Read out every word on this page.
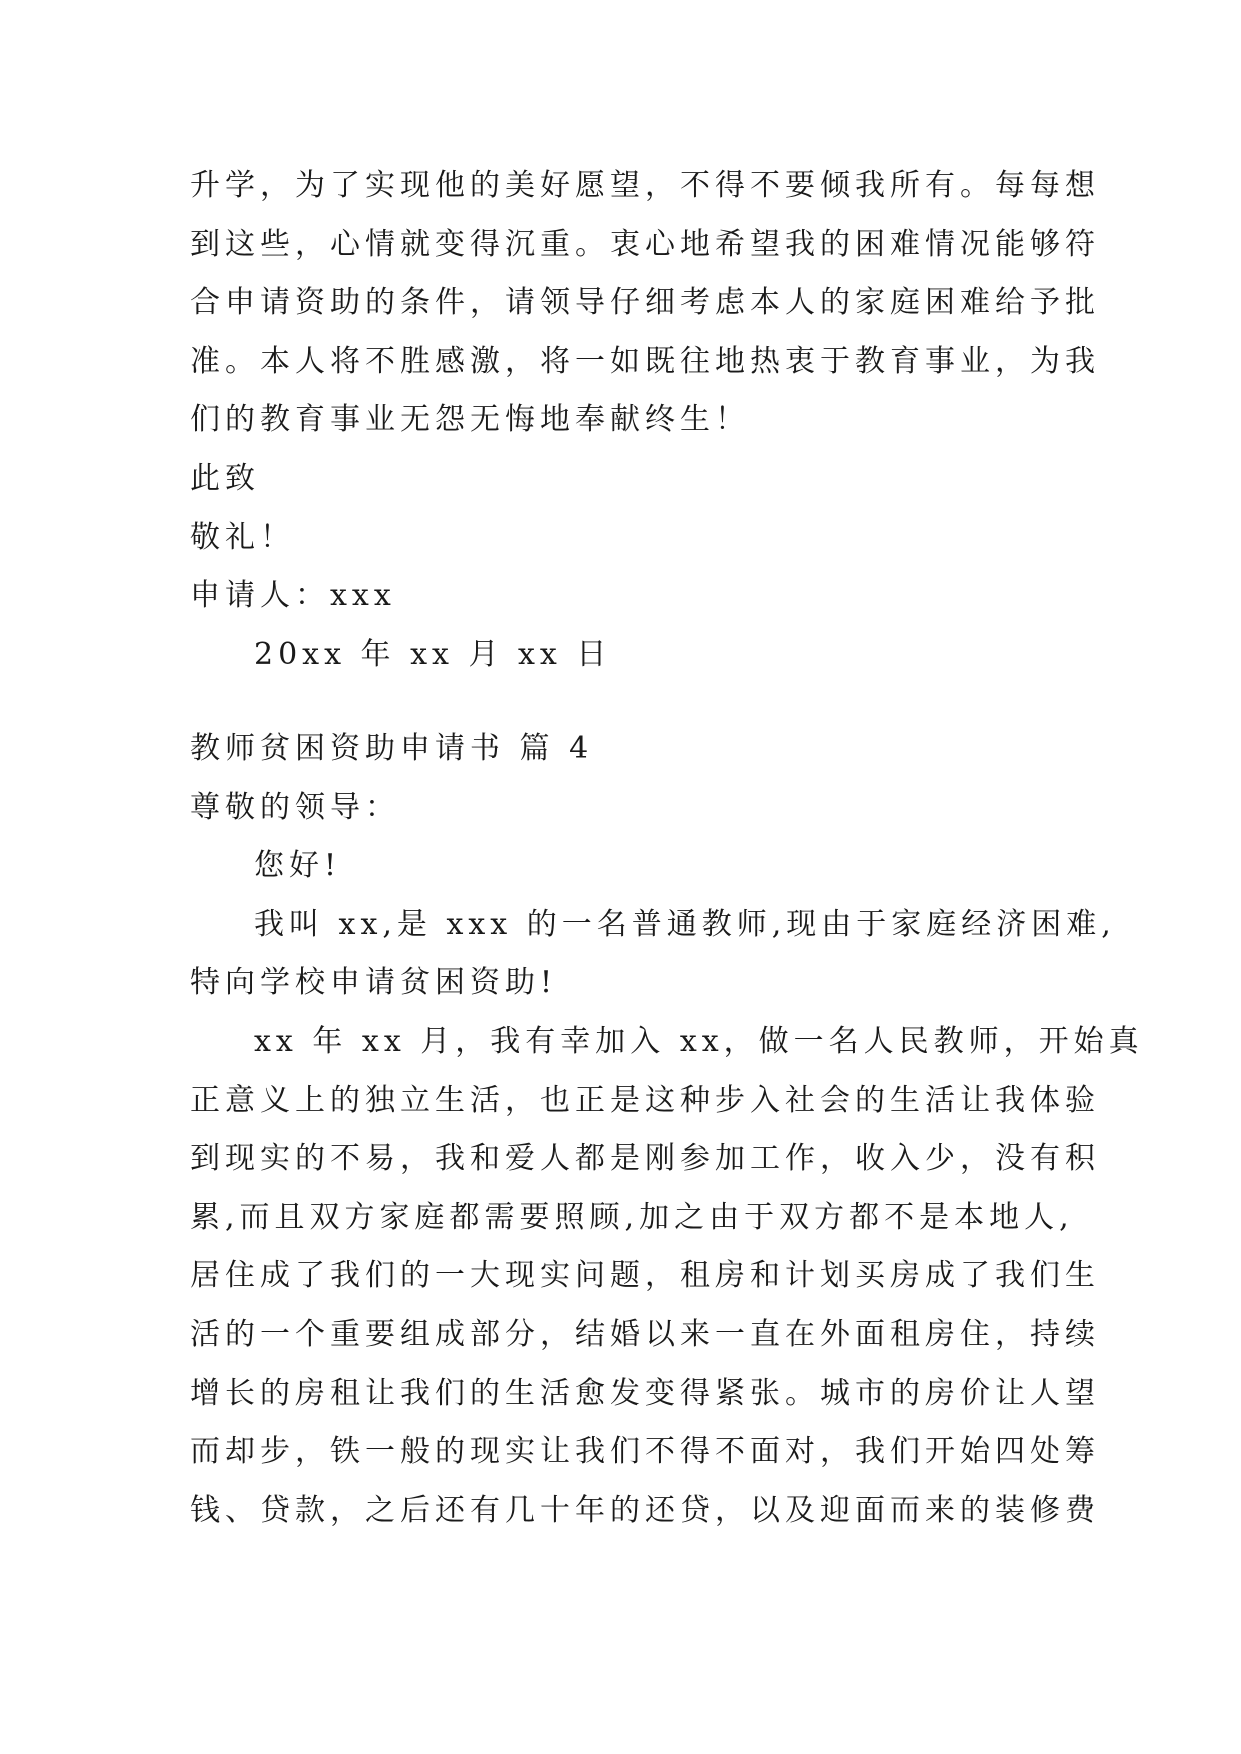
升学，为了实现他的美好愿望，不得不要倾我所有。每每想
到这些，心情就变得沉重。衷心地希望我的困难情况能够符
合申请资助的条件，请领导仔细考虑本人的家庭困难给予批
准。本人将不胜感激，将一如既往地热衷于教育事业，为我
们的教育事业无怨无悔地奉献终生！
此致
敬礼！
申请人：xxx
20xx 年 xx 月 xx 日
教师贫困资助申请书 篇 4
尊敬的领导：
您好!
我叫 xx,是 xxx 的一名普通教师,现由于家庭经济困难,
特向学校申请贫困资助!
xx 年 xx 月，我有幸加入 xx，做一名人民教师，开始真
正意义上的独立生活，也正是这种步入社会的生活让我体验
到现实的不易，我和爱人都是刚参加工作，收入少，没有积
累,而且双方家庭都需要照顾,加之由于双方都不是本地人,
居住成了我们的一大现实问题，租房和计划买房成了我们生
活的一个重要组成部分，结婚以来一直在外面租房住，持续
增长的房租让我们的生活愈发变得紧张。城市的房价让人望
而却步，铁一般的现实让我们不得不面对，我们开始四处筹
钱、贷款，之后还有几十年的还贷，以及迎面而来的装修费
